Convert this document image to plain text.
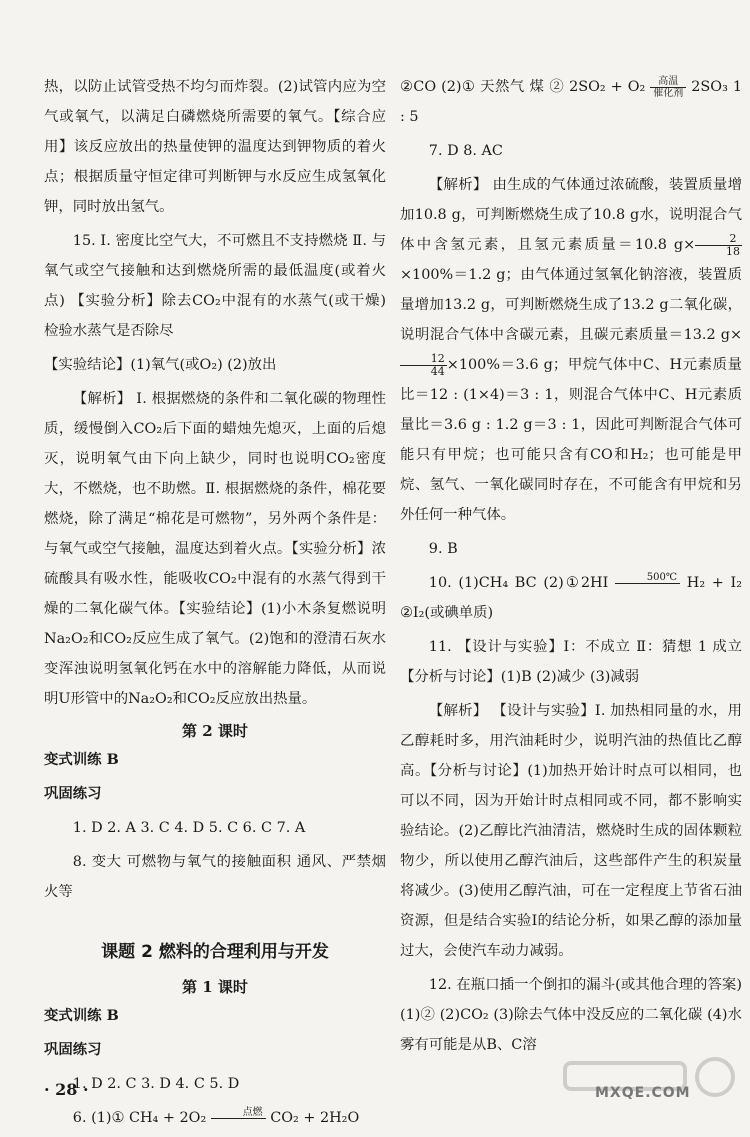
热，以防止试管受热不均匀而炸裂。(2)试管内应为空气或氧气，以满足白磷燃烧所需要的氧气。【综合应用】该反应放出的热量使钾的温度达到钾物质的着火点；根据质量守恒定律可判断钾与水反应生成氢氧化钾，同时放出氢气。

15. Ⅰ. 密度比空气大，不可燃且不支持燃烧 Ⅱ. 与氧气或空气接触和达到燃烧所需的最低温度(或着火点) 【实验分析】除去CO₂中混有的水蒸气(或干燥) 检验水蒸气是否除尽

【实验结论】(1)氧气(或O₂) (2)放出

【解析】 Ⅰ. 根据燃烧的条件和二氧化碳的物理性质，缓慢倒入CO₂后下面的蜡烛先熄灭，上面的后熄灭，说明氧气由下向上缺少，同时也说明CO₂密度大，不燃烧，也不助燃。Ⅱ. 根据燃烧的条件，棉花要燃烧，除了满足“棉花是可燃物”，另外两个条件是：与氧气或空气接触，温度达到着火点。【实验分析】浓硫酸具有吸水性，能吸收CO₂中混有的水蒸气得到干燥的二氧化碳气体。【实验结论】(1)小木条复燃说明Na₂O₂和CO₂反应生成了氧气。(2)饱和的澄清石灰水变浑浊说明氢氧化钙在水中的溶解能力降低，从而说明U形管中的Na₂O₂和CO₂反应放出热量。

第 2 课时

变式训练 B

巩固练习

1. D 2. A 3. C 4. D 5. C 6. C 7. A

8. 变大 可燃物与氧气的接触面积 通风、严禁烟火等

课题 2 燃料的合理利用与开发
第 1 课时

变式训练 B

巩固练习

1. D 2. C 3. D 4. C 5. D

6. (1)① CH₄ + 2O₂	点燃 CO₂ + 2H₂O

②CO (2)① 天然气 煤 ② 2SO₂ + O₂	高温
催化剂 2SO₃ 1 : 5

7. D 8. AC

【解析】 由生成的气体通过浓硫酸，装置质量增加10.8 g，可判断燃烧生成了10.8 g水，说明混合气体中含氢元素，且氢元素质量＝10.8 $g\times \frac{2}{18}$
×100%＝1.2 g；由气体通过氢氧化钠溶液，装置质量增加13.2 g，可判断燃烧生成了13.2 g二氧化碳，说明混合气体中含碳元素，且碳元素质量＝13.2 g×
$\frac{12}{44} \times 100\%=3.6$ g；甲烷气体中C、H元素质量比＝12 : (1×4)＝3 : 1，则混合气体中C、H元素质量比＝3.6 g : 1.2 g＝3 : 1，因此可判断混合气体可能只有甲烷；也可能只含有CO和H₂；也可能是甲烷、氢气、一氧化碳同时存在，不可能含有甲烷和另外任何一种气体。

9. B

10. (1)CH₄ BC (2)①2HI	500℃ H₂ + I₂ ②I₂(或碘单质)

11. 【设计与实验】Ⅰ：不成立 Ⅱ：猜想 1 成立 【分析与讨论】(1)B (2)减少 (3)减弱

【解析】 【设计与实验】Ⅰ. 加热相同量的水，用乙醇耗时多，用汽油耗时少，说明汽油的热值比乙醇高。【分析与讨论】(1)加热开始计时点可以相同，也可以不同，因为开始计时点相同或不同，都不影响实验结论。(2)乙醇比汽油清洁，燃烧时生成的固体颗粒物少，所以使用乙醇汽油后，这些部件产生的积炭量将减少。(3)使用乙醇汽油，可在一定程度上节省石油资源，但是结合实验Ⅰ的结论分析，如果乙醇的添加量过大，会使汽车动力减弱。

12. 在瓶口插一个倒扣的漏斗(或其他合理的答案) (1)② (2)CO₂ (3)除去气体中没反应的二氧化碳 (4)水雾有可能是从B、C溶

· 28 ·	MXQE.COM
